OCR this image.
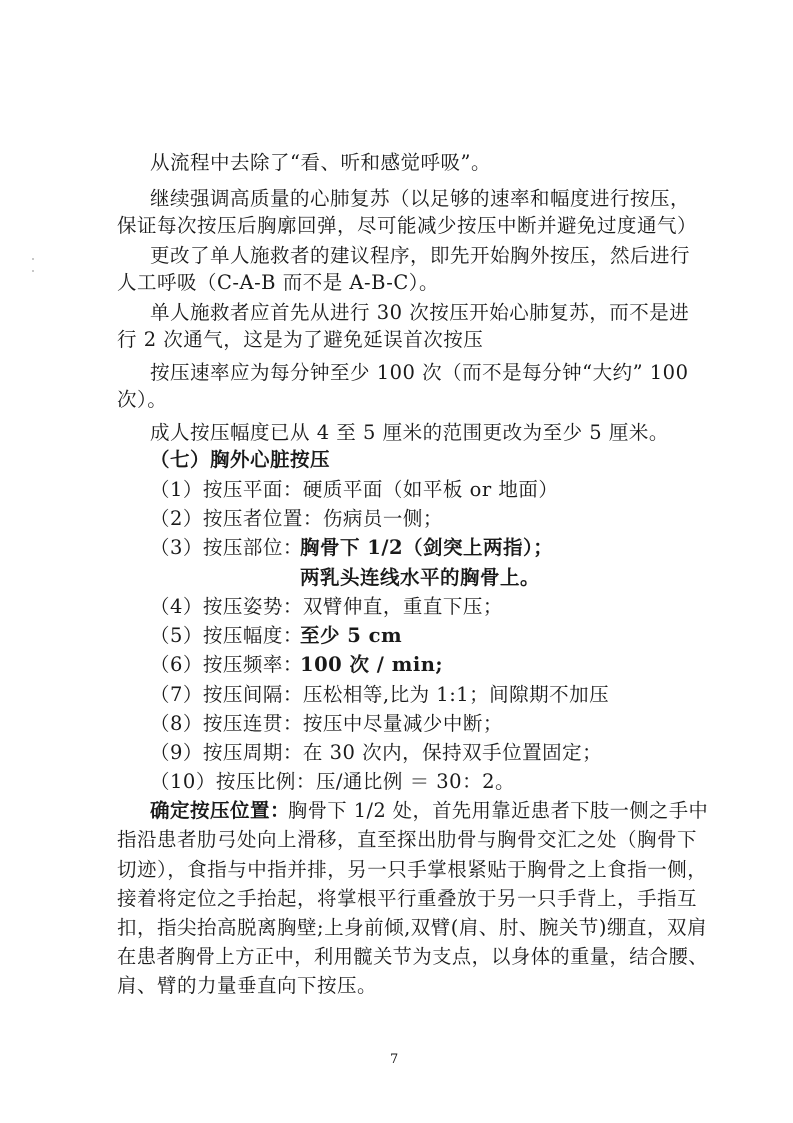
从流程中去除了“看、听和感觉呼吸”。
继续强调高质量的心肺复苏（以足够的速率和幅度进行按压，
保证每次按压后胸廓回弹，尽可能减少按压中断并避免过度通气）
更改了单人施救者的建议程序，即先开始胸外按压，然后进行
人工呼吸（C-A-B 而不是 A-B-C）。
单人施救者应首先从进行 30 次按压开始心肺复苏，而不是进
行 2 次通气，这是为了避免延误首次按压
按压速率应为每分钟至少 100 次（而不是每分钟“大约” 100
次）。
成人按压幅度已从 4 至 5 厘米的范围更改为至少 5 厘米。
（七）胸外心脏按压
（1）按压平面：硬质平面（如平板 or 地面）
（2）按压者位置：伤病员一侧；
（3）按压部位：
胸骨下 1/2（剑突上两指）；
两乳头连线水平的胸骨上。
（4）按压姿势：双臂伸直，重直下压；
（5）按压幅度：
至少 5 cm
（6）按压频率：
100 次 / min;
（7）按压间隔：压松相等,比为 1:1；间隙期不加压
（8）按压连贯：按压中尽量减少中断；
（9）按压周期：在 30 次内，保持双手位置固定；
（10）按压比例：压/通比例 ＝ 30：2。
确定按压位置：
胸骨下 1/2 处，首先用靠近患者下肢一侧之手中
指沿患者肋弓处向上滑移，直至探出肋骨与胸骨交汇之处（胸骨下
切迹），食指与中指并排，另一只手掌根紧贴于胸骨之上食指一侧，
接着将定位之手抬起，将掌根平行重叠放于另一只手背上，手指互
扣，指尖抬高脱离胸壁;上身前倾,双臂(肩、肘、腕关节)绷直，双肩
在患者胸骨上方正中，利用髋关节为支点，以身体的重量，结合腰、
肩、臂的力量垂直向下按压。
7
